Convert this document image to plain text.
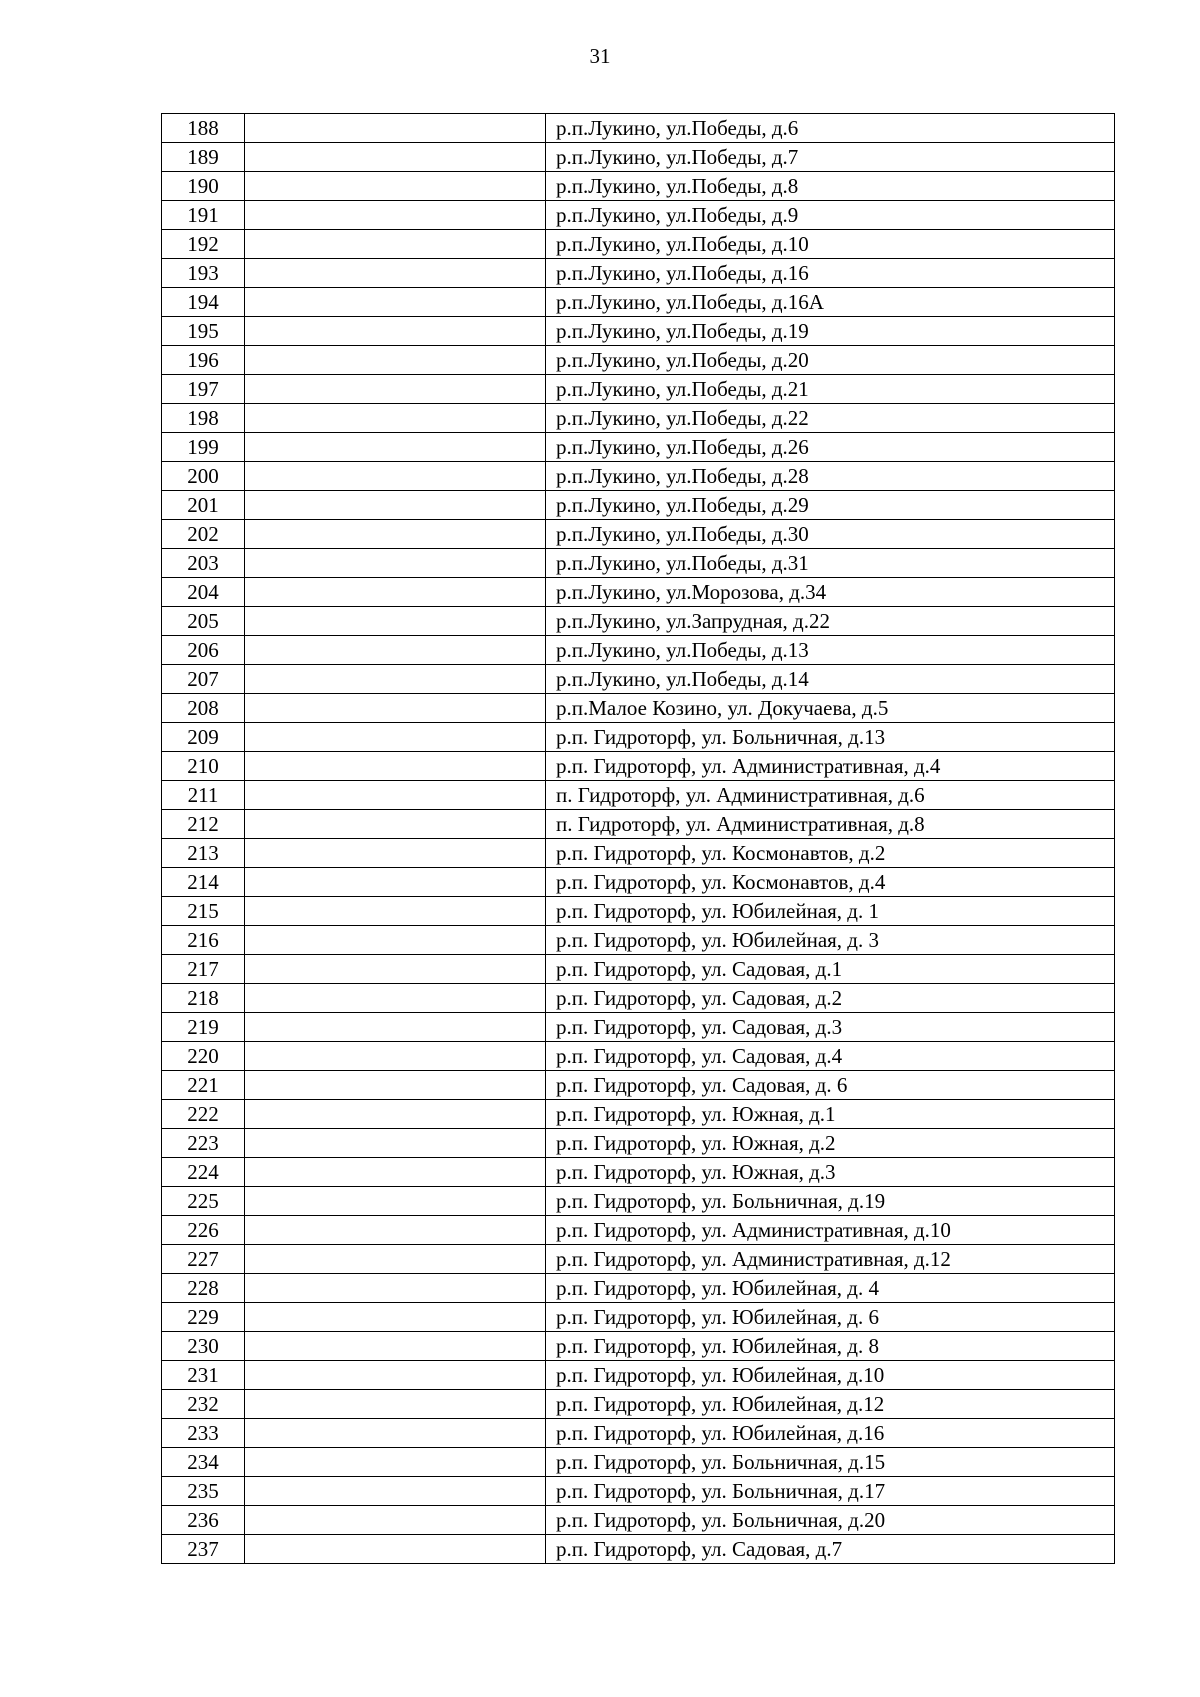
31
188		р.п.Лукино, ул.Победы, д.6
189		р.п.Лукино, ул.Победы, д.7
190		р.п.Лукино, ул.Победы, д.8
191		р.п.Лукино, ул.Победы, д.9
192		р.п.Лукино, ул.Победы, д.10
193		р.п.Лукино, ул.Победы, д.16
194		р.п.Лукино, ул.Победы, д.16А
195		р.п.Лукино, ул.Победы, д.19
196		р.п.Лукино, ул.Победы, д.20
197		р.п.Лукино, ул.Победы, д.21
198		р.п.Лукино, ул.Победы, д.22
199		р.п.Лукино, ул.Победы, д.26
200		р.п.Лукино, ул.Победы, д.28
201		р.п.Лукино, ул.Победы, д.29
202		р.п.Лукино, ул.Победы, д.30
203		р.п.Лукино, ул.Победы, д.31
204		р.п.Лукино, ул.Морозова, д.34
205		р.п.Лукино, ул.Запрудная, д.22
206		р.п.Лукино, ул.Победы, д.13
207		р.п.Лукино, ул.Победы, д.14
208		р.п.Малое Козино, ул. Докучаева, д.5
209		р.п. Гидроторф, ул. Больничная, д.13
210		р.п. Гидроторф, ул. Административная, д.4
211		п. Гидроторф, ул. Административная, д.6
212		п. Гидроторф, ул. Административная, д.8
213		р.п. Гидроторф, ул. Космонавтов, д.2
214		р.п. Гидроторф, ул. Космонавтов, д.4
215		р.п. Гидроторф, ул. Юбилейная, д. 1
216		р.п. Гидроторф, ул. Юбилейная, д. 3
217		р.п. Гидроторф, ул. Садовая, д.1
218		р.п. Гидроторф, ул. Садовая, д.2
219		р.п. Гидроторф, ул. Садовая, д.3
220		р.п. Гидроторф, ул. Садовая, д.4
221		р.п. Гидроторф, ул. Садовая, д. 6
222		р.п. Гидроторф, ул. Южная, д.1
223		р.п. Гидроторф, ул. Южная, д.2
224		р.п. Гидроторф, ул. Южная, д.3
225		р.п. Гидроторф, ул. Больничная, д.19
226		р.п. Гидроторф, ул. Административная, д.10
227		р.п. Гидроторф, ул. Административная, д.12
228		р.п. Гидроторф, ул. Юбилейная, д. 4
229		р.п. Гидроторф, ул. Юбилейная, д. 6
230		р.п. Гидроторф, ул. Юбилейная, д. 8
231		р.п. Гидроторф, ул. Юбилейная, д.10
232		р.п. Гидроторф, ул. Юбилейная, д.12
233		р.п. Гидроторф, ул. Юбилейная, д.16
234		р.п. Гидроторф, ул. Больничная, д.15
235		р.п. Гидроторф, ул. Больничная, д.17
236		р.п. Гидроторф, ул. Больничная, д.20
237		р.п. Гидроторф, ул. Садовая, д.7
